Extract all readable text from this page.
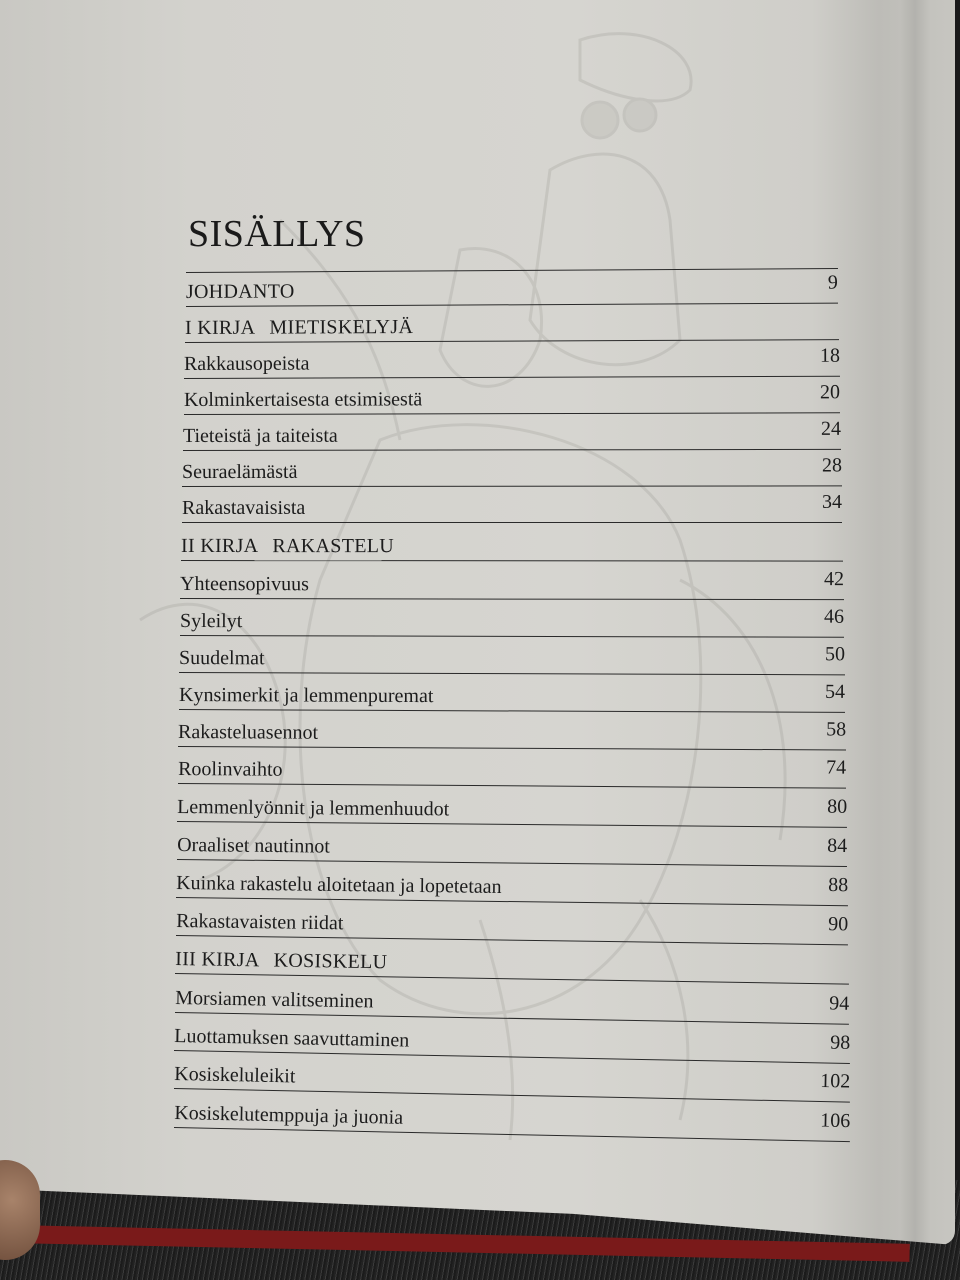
SISÄLLYS
JOHDANTO	9
I KIRJA MIETISKELYJÄ
Rakkausopeista	18
Kolminkertaisesta etsimisestä	20
Tieteistä ja taiteista	24
Seuraelämästä	28
Rakastavaisista	34
II KIRJA RAKASTELU
Yhteensopivuus	42
Syleilyt	46
Suudelmat	50
Kynsimerkit ja lemmenpuremat	54
Rakasteluasennot	58
Roolinvaihto	74
Lemmenlyönnit ja lemmenhuudot	80
Oraaliset nautinnot	84
Kuinka rakastelu aloitetaan ja lopetetaan	88
Rakastavaisten riidat	90
III KIRJA KOSISKELU
Morsiamen valitseminen	94
Luottamuksen saavuttaminen	98
Kosiskeluleikit	102
Kosiskelutemppuja ja juonia	106
